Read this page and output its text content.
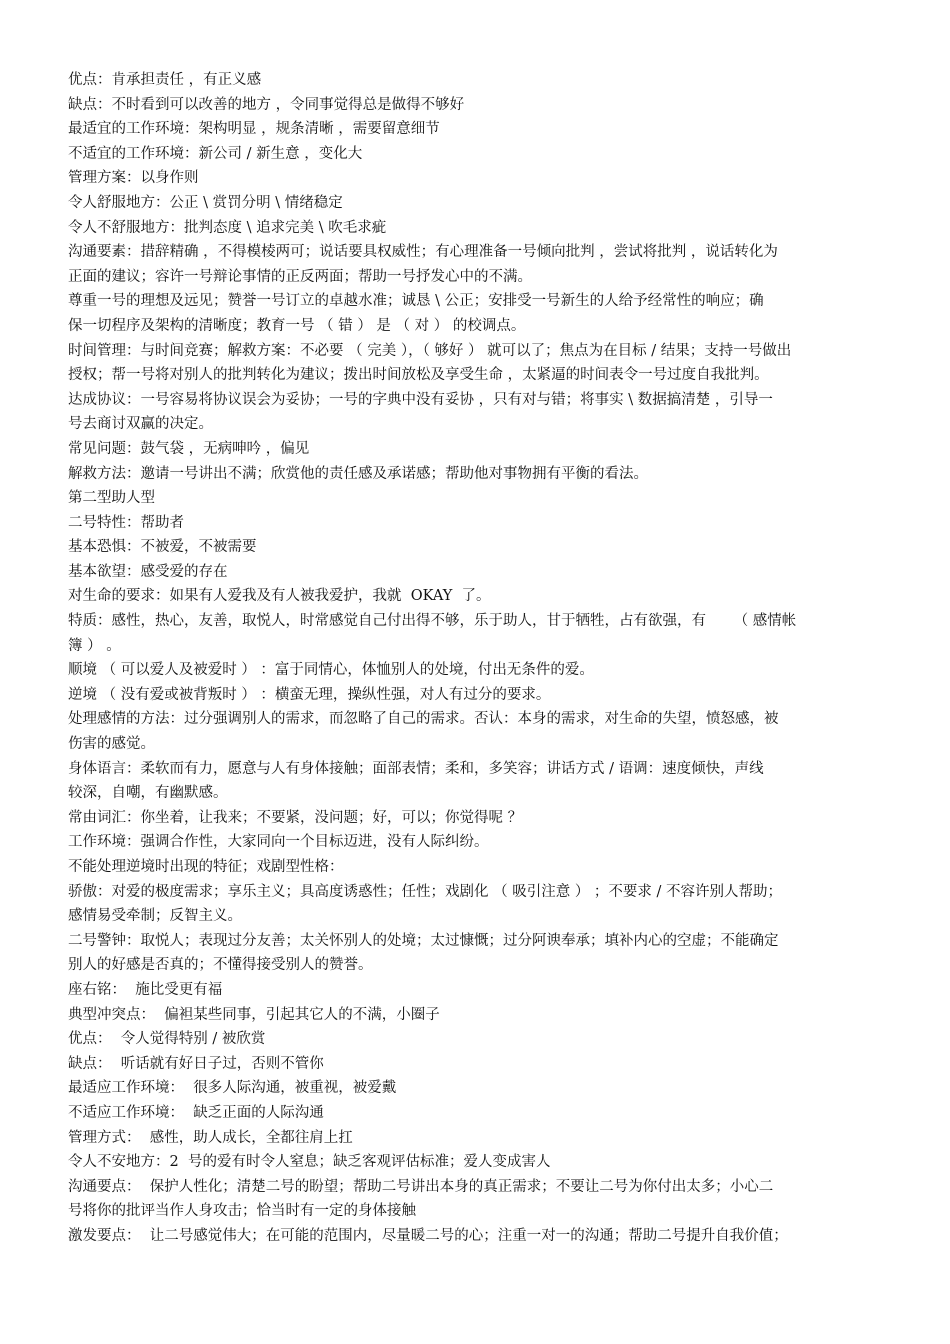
优点：肯承担责任 ，有正义感

缺点：不时看到可以改善的地方 ，令同事觉得总是做得不够好

最适宜的工作环境：架构明显 ，规条清晰 ，需要留意细节

不适宜的工作环境：新公司 / 新生意 ，变化大

管理方案：以身作则

令人舒服地方：公正 \ 赏罚分明 \ 情绪稳定

令人不舒服地方：批判态度 \ 追求完美 \ 吹毛求疵

沟通要素：措辞精确 ，不得模棱两可；说话要具权威性；有心理准备一号倾向批判 ，尝试将批判 ，说话转化为

正面的建议；容许一号辩论事情的正反两面；帮助一号抒发心中的不满。

尊重一号的理想及远见；赞誉一号订立的卓越水准；诚恳 \ 公正；安排受一号新生的人给予经常性的响应；确

保一切程序及架构的清晰度；教育一号 （ 错 ） 是 （ 对 ） 的校调点。

时间管理：与时间竞赛；解救方案：不必要 （ 完美 ），（ 够好 ） 就可以了；焦点为在目标 / 结果；支持一号做出

授权；帮一号将对别人的批判转化为建议；拨出时间放松及享受生命 ，太紧逼的时间表令一号过度自我批判。

达成协议：一号容易将协议误会为妥协；一号的字典中没有妥协 ，只有对与错；将事实 \ 数据搞清楚 ，引导一

号去商讨双赢的决定。

常见问题：鼓气袋 ，无病呻吟 ，偏见

解救方法：邀请一号讲出不满；欣赏他的责任感及承诺感；帮助他对事物拥有平衡的看法。

第二型助人型

二号特性：帮助者

基本恐惧：不被爱，不被需要

基本欲望：感受爱的存在

对生命的要求：如果有人爱我及有人被我爱护，我就  OKAY  了。

特质：感性，热心，友善，取悦人，时常感觉自己付出得不够，乐于助人，甘于牺牲，占有欲强，有      （ 感情帐

簿 ） 。

顺境 （ 可以爱人及被爱时 ） ：富于同情心，体恤别人的处境，付出无条件的爱。

逆境 （ 没有爱或被背叛时 ） ：横蛮无理，操纵性强，对人有过分的要求。

处理感情的方法：过分强调别人的需求，而忽略了自己的需求。否认：本身的需求，对生命的失望，愤怒感，被

伤害的感觉。

身体语言：柔软而有力，愿意与人有身体接触；面部表情；柔和，多笑容；讲话方式 / 语调：速度倾快，声线

较深，自嘲，有幽默感。

常由词汇：你坐着，让我来；不要紧，没问题；好，可以；你觉得呢 ？

工作环境：强调合作性，大家同向一个目标迈进，没有人际纠纷。

不能处理逆境时出现的特征；戏剧型性格：

骄傲：对爱的极度需求；享乐主义；具高度诱惑性；任性；戏剧化 （ 吸引注意 ） ；不要求 / 不容许别人帮助；

感情易受牵制；反智主义。

二号警钟：取悦人；表现过分友善；太关怀别人的处境；太过慷慨；过分阿谀奉承；填补内心的空虚；不能确定

别人的好感是否真的；不懂得接受别人的赞誉。

座右铭：  施比受更有福

典型冲突点：  偏袒某些同事，引起其它人的不满，小圈子

优点：  令人觉得特别 / 被欣赏

缺点：  听话就有好日子过，否则不管你

最适应工作环境：  很多人际沟通，被重视，被爱戴

不适应工作环境：  缺乏正面的人际沟通

管理方式：  感性，助人成长，全都往肩上扛

令人不安地方：2  号的爱有时令人窒息；缺乏客观评估标准；爱人变成害人

沟通要点：  保护人性化；清楚二号的盼望；帮助二号讲出本身的真正需求；不要让二号为你付出太多；小心二

号将你的批评当作人身攻击；恰当时有一定的身体接触

激发要点：  让二号感觉伟大；在可能的范围内，尽量暖二号的心；注重一对一的沟通；帮助二号提升自我价值；
